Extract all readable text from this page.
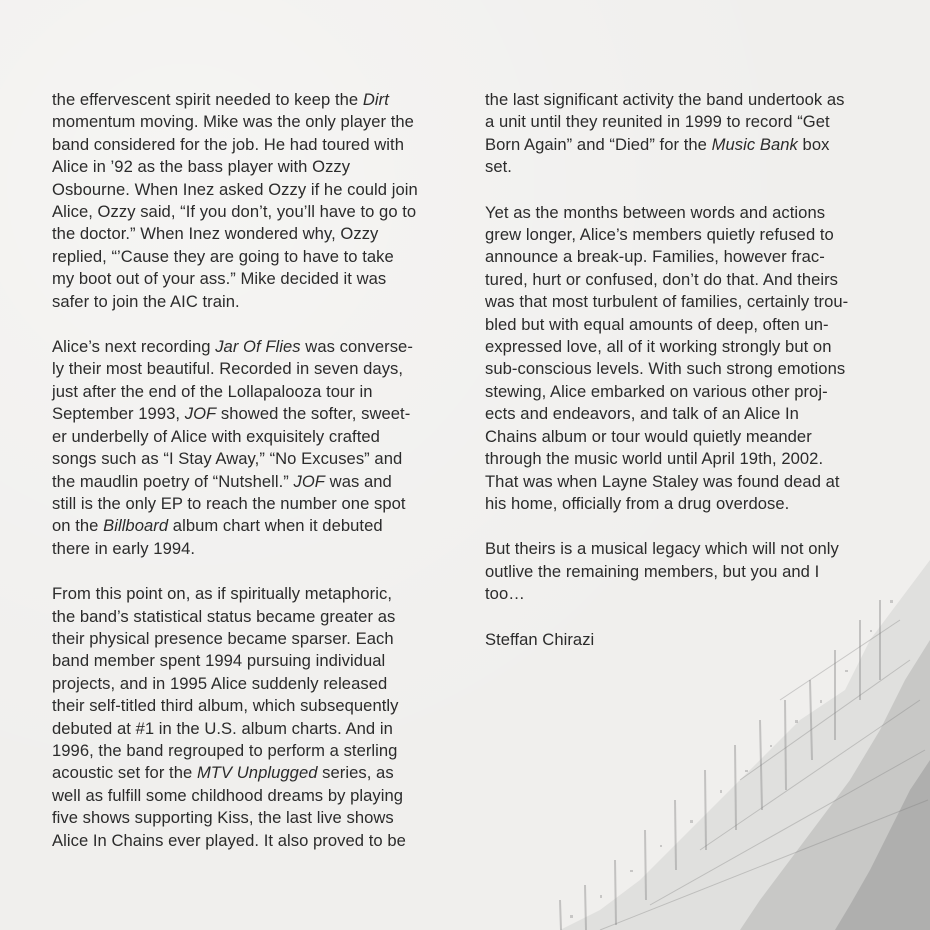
the effervescent spirit needed to keep the Dirt
momentum moving. Mike was the only player the
band considered for the job. He had toured with
Alice in ’92 as the bass player with Ozzy
Osbourne. When Inez asked Ozzy if he could join
Alice, Ozzy said, “If you don’t, you’ll have to go to
the doctor.” When Inez wondered why, Ozzy
replied, “’Cause they are going to have to take
my boot out of your ass.” Mike decided it was
safer to join the AIC train.

Alice’s next recording Jar Of Flies was converse-
ly their most beautiful. Recorded in seven days,
just after the end of the Lollapalooza tour in
September 1993, JOF showed the softer, sweet-
er underbelly of Alice with exquisitely crafted
songs such as “I Stay Away,” “No Excuses” and
the maudlin poetry of “Nutshell.” JOF was and
still is the only EP to reach the number one spot
on the Billboard album chart when it debuted
there in early 1994.

From this point on, as if spiritually metaphoric,
the band’s statistical status became greater as
their physical presence became sparser. Each
band member spent 1994 pursuing individual
projects, and in 1995 Alice suddenly released
their self-titled third album, which subsequently
debuted at #1 in the U.S. album charts. And in
1996, the band regrouped to perform a sterling
acoustic set for the MTV Unplugged series, as
well as fulfill some childhood dreams by playing
five shows supporting Kiss, the last live shows
Alice In Chains ever played. It also proved to be

the last significant activity the band undertook as
a unit until they reunited in 1999 to record “Get
Born Again” and “Died” for the Music Bank box
set.

Yet as the months between words and actions
grew longer, Alice’s members quietly refused to
announce a break-up. Families, however frac-
tured, hurt or confused, don’t do that. And theirs
was that most turbulent of families, certainly trou-
bled but with equal amounts of deep, often un-
expressed love, all of it working strongly but on
sub-conscious levels. With such strong emotions
stewing, Alice embarked on various other proj-
ects and endeavors, and talk of an Alice In
Chains album or tour would quietly meander
through the music world until April 19th, 2002.
That was when Layne Staley was found dead at
his home, officially from a drug overdose.

But theirs is a musical legacy which will not only
outlive the remaining members, but you and I
too…

Steffan Chirazi
